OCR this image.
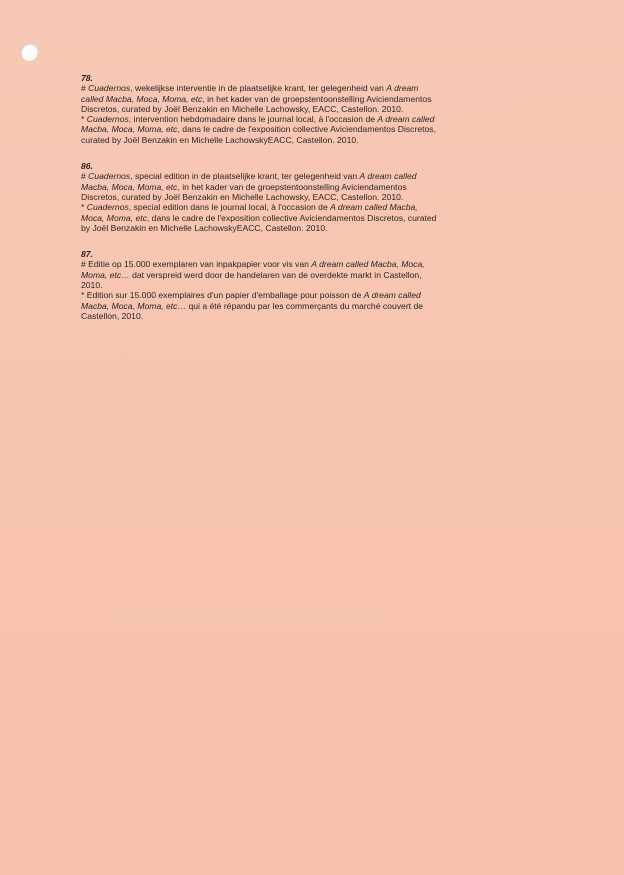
78.
# Cuadernos, wekelijkse interventie in de plaatselijke krant, ter gelegenheid van A dream called Macba, Moca, Moma, etc, in het kader van de groepstentoonstelling Aviciendamentos Discretos, curated by Joël Benzakin en Michelle Lachowsky, EACC, Castellon. 2010.
* Cuadernos, intervention hebdomadaire dans le journal local, à l'occasion de A dream called Macba, Moca, Moma, etc, dans le cadre de l'exposition collective Aviciendamentos Discretos, curated by Joël Benzakin en Michelle LachowskyEACC, Castellon. 2010.
86.
# Cuadernos, special edition in de plaatselijke krant, ter gelegenheid van A dream called Macba, Moca, Moma, etc, in het kader van de groepstentoonstelling Aviciendamentos Discretos, curated by Joël Benzakin en Michelle Lachowsky, EACC, Castellon. 2010.
* Cuadernos, special edition dans le journal local, à l'occasion de A dream called Macba, Moca, Moma, etc, dans le cadre de l'exposition collective Aviciendamentos Discretos, curated by Joël Benzakin en Michelle LachowskyEACC, Castellon. 2010.
87.
# Editie op 15.000 exemplaren van inpakpapier voor vis van A dream called Macba, Moca, Moma, etc… dat verspreid werd door de handelaren van de overdekte markt in Castellon, 2010.
* Edition sur 15.000 exemplaires d'un papier d'emballage pour poisson de A dream called Macba, Moca, Moma, etc… qui a été répandu par les commerçants du marché couvert de Castellon, 2010.
